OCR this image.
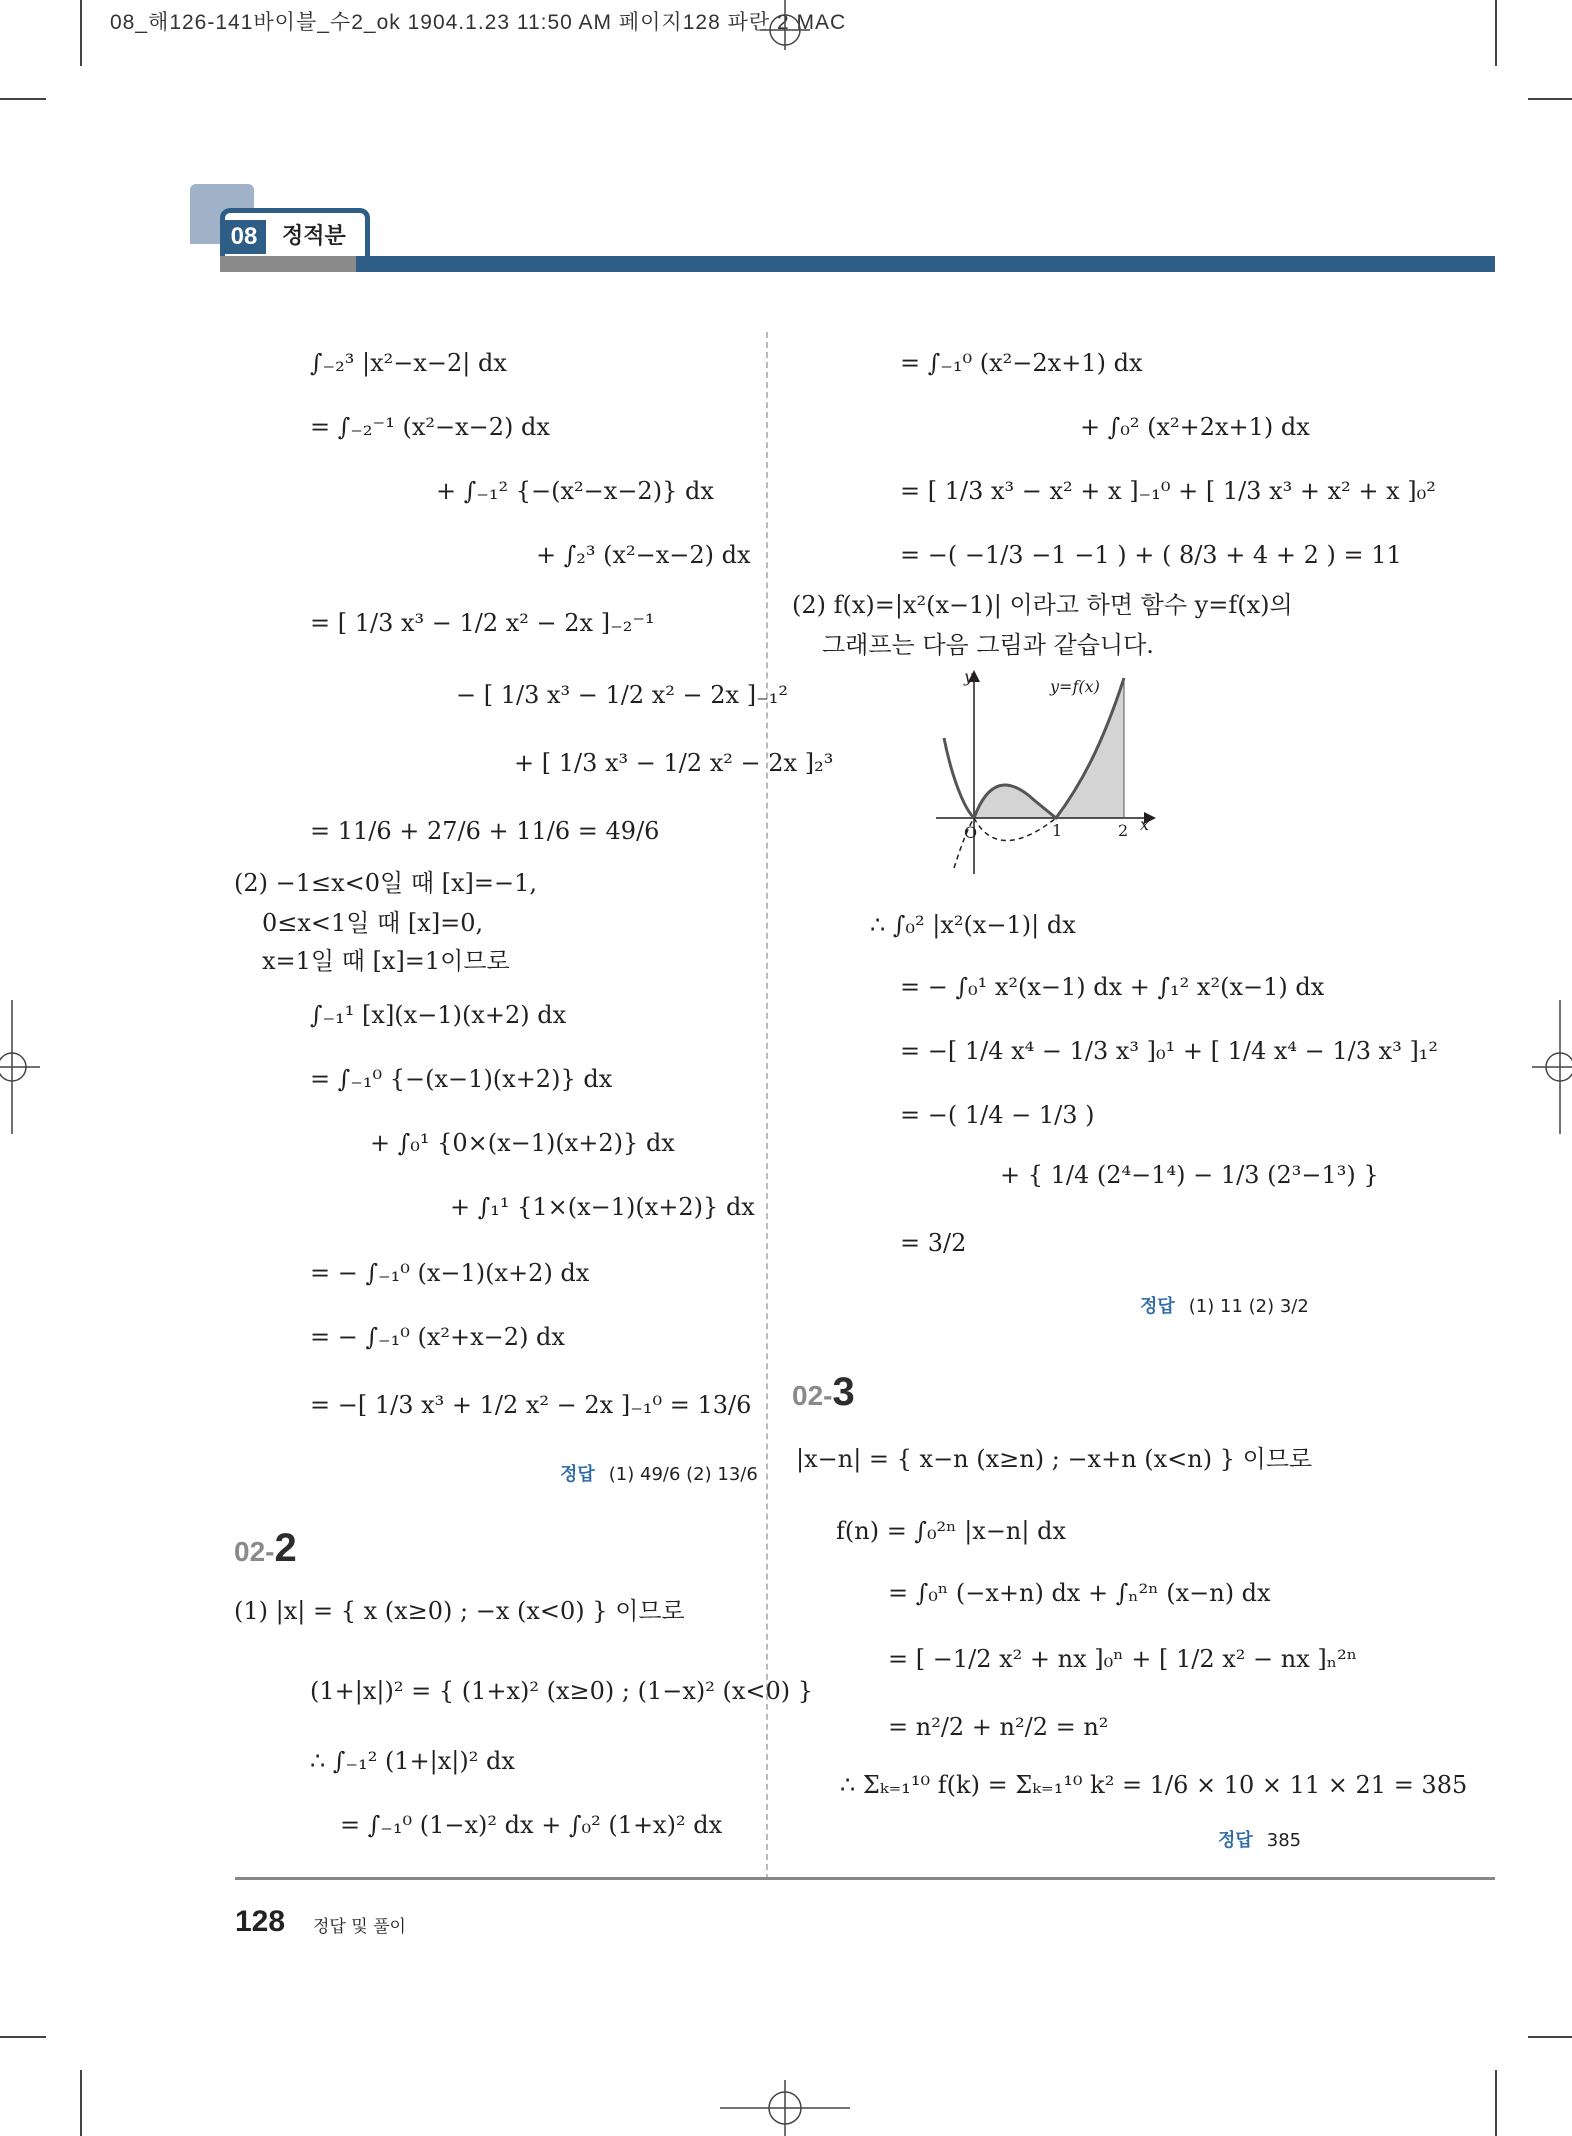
08_해126-141바이블_수2_ok 1904.1.23 11:50 AM 페이지128 파란 2 MAC
08	정적분
∫₋₂³ |x²−x−2| dx
= ∫₋₂⁻¹ (x²−x−2) dx
+ ∫₋₁² {−(x²−x−2)} dx
+ ∫₂³ (x²−x−2) dx
= [ 1/3 x³ − 1/2 x² − 2x ]₋₂⁻¹
− [ 1/3 x³ − 1/2 x² − 2x ]₋₁²
+ [ 1/3 x³ − 1/2 x² − 2x ]₂³
= 11/6 + 27/6 + 11/6 = 49/6
(2) −1≤x<0일 때 [x]=−1,
0≤x<1일 때 [x]=0,
x=1일 때 [x]=1이므로
∫₋₁¹ [x](x−1)(x+2) dx
= ∫₋₁⁰ {−(x−1)(x+2)} dx
+ ∫₀¹ {0×(x−1)(x+2)} dx
+ ∫₁¹ {1×(x−1)(x+2)} dx
= − ∫₋₁⁰ (x−1)(x+2) dx
= − ∫₋₁⁰ (x²+x−2) dx
= −[ 1/3 x³ + 1/2 x² − 2x ]₋₁⁰ = 13/6
정답 (1) 49/6 (2) 13/6
02-2
(1) |x| = { x (x≥0) ; −x (x<0) } 이므로
(1+|x|)² = { (1+x)² (x≥0) ; (1−x)² (x<0) }
∴ ∫₋₁² (1+|x|)² dx
= ∫₋₁⁰ (1−x)² dx + ∫₀² (1+x)² dx
= ∫₋₁⁰ (x²−2x+1) dx
+ ∫₀² (x²+2x+1) dx
= [ 1/3 x³ − x² + x ]₋₁⁰ + [ 1/3 x³ + x² + x ]₀²
= −( −1/3 −1 −1 ) + ( 8/3 + 4 + 2 ) = 11
(2) f(x)=|x²(x−1)| 이라고 하면 함수 y=f(x)의
그래프는 다음 그림과 같습니다.
y
x
y=f(x)
O	1	2
∴ ∫₀² |x²(x−1)| dx
= − ∫₀¹ x²(x−1) dx + ∫₁² x²(x−1) dx
= −[ 1/4 x⁴ − 1/3 x³ ]₀¹ + [ 1/4 x⁴ − 1/3 x³ ]₁²
= −( 1/4 − 1/3 )
+ { 1/4 (2⁴−1⁴) − 1/3 (2³−1³) }
= 3/2
정답 (1) 11 (2) 3/2
02-3
|x−n| = { x−n (x≥n) ; −x+n (x<n) } 이므로
f(n) = ∫₀²ⁿ |x−n| dx
= ∫₀ⁿ (−x+n) dx + ∫ₙ²ⁿ (x−n) dx
= [ −1/2 x² + nx ]₀ⁿ + [ 1/2 x² − nx ]ₙ²ⁿ
= n²/2 + n²/2 = n²
∴ Σₖ₌₁¹⁰ f(k) = Σₖ₌₁¹⁰ k² = 1/6 × 10 × 11 × 21 = 385
정답 385
128 정답 및 풀이
